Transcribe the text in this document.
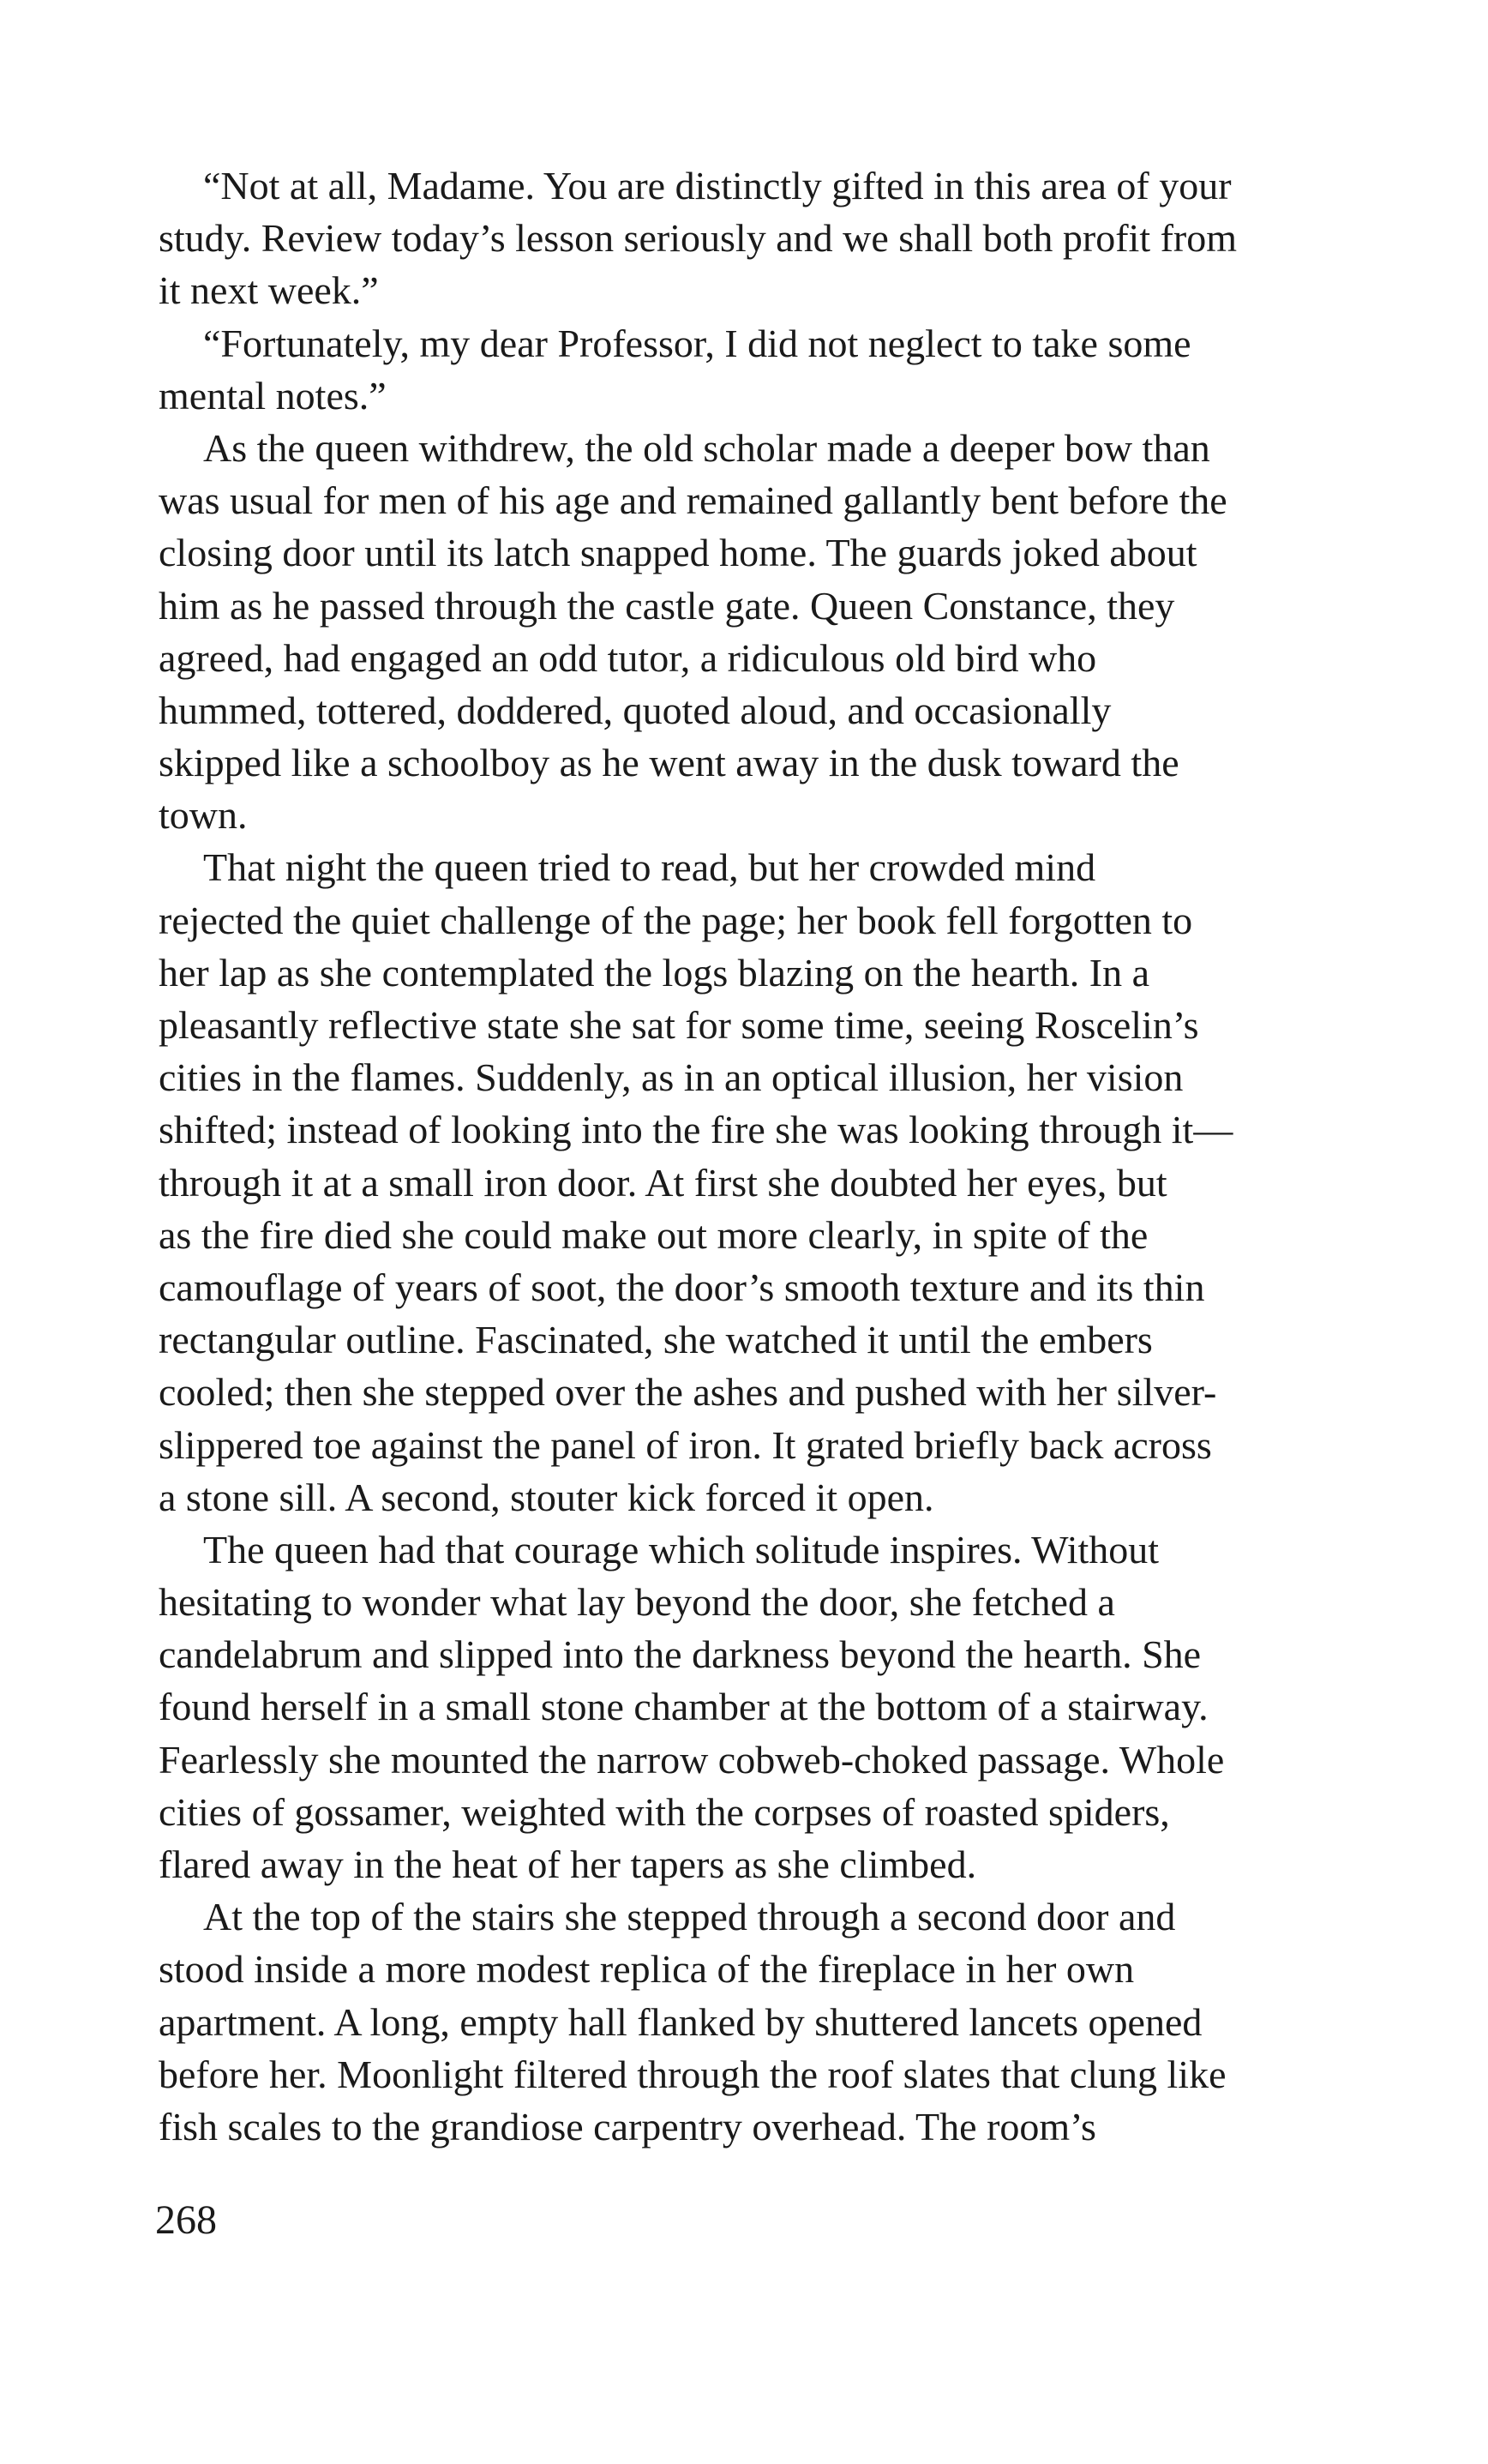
“Not at all, Madame. You are distinctly gifted in this area of your
study. Review today’s lesson seriously and we shall both profit from
it next week.”
“Fortunately, my dear Professor, I did not neglect to take some
mental notes.”
As the queen withdrew, the old scholar made a deeper bow than
was usual for men of his age and remained gallantly bent before the
closing door until its latch snapped home. The guards joked about
him as he passed through the castle gate. Queen Constance, they
agreed, had engaged an odd tutor, a ridiculous old bird who
hummed, tottered, doddered, quoted aloud, and occasionally
skipped like a schoolboy as he went away in the dusk toward the
town.
That night the queen tried to read, but her crowded mind
rejected the quiet challenge of the page; her book fell forgotten to
her lap as she contemplated the logs blazing on the hearth. In a
pleasantly reflective state she sat for some time, seeing Roscelin’s
cities in the flames. Suddenly, as in an optical illusion, her vision
shifted; instead of looking into the fire she was looking through it—
through it at a small iron door. At first she doubted her eyes, but
as the fire died she could make out more clearly, in spite of the
camouflage of years of soot, the door’s smooth texture and its thin
rectangular outline. Fascinated, she watched it until the embers
cooled; then she stepped over the ashes and pushed with her silver-
slippered toe against the panel of iron. It grated briefly back across
a stone sill. A second, stouter kick forced it open.
The queen had that courage which solitude inspires. Without
hesitating to wonder what lay beyond the door, she fetched a
candelabrum and slipped into the darkness beyond the hearth. She
found herself in a small stone chamber at the bottom of a stairway.
Fearlessly she mounted the narrow cobweb-choked passage. Whole
cities of gossamer, weighted with the corpses of roasted spiders,
flared away in the heat of her tapers as she climbed.
At the top of the stairs she stepped through a second door and
stood inside a more modest replica of the fireplace in her own
apartment. A long, empty hall flanked by shuttered lancets opened
before her. Moonlight filtered through the roof slates that clung like
fish scales to the grandiose carpentry overhead. The room’s
268
